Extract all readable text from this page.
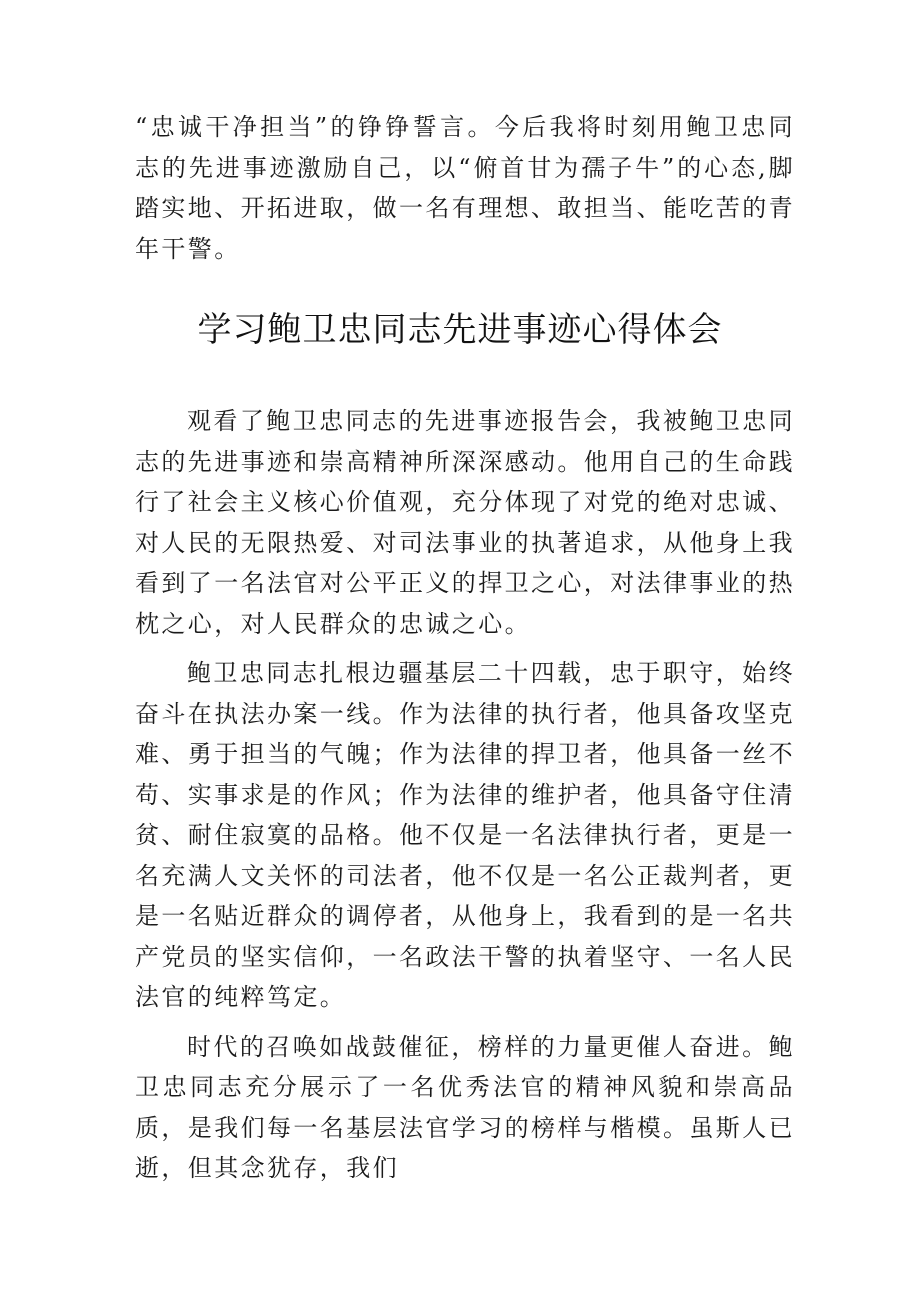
“忠诚干净担当”的铮铮誓言。今后我将时刻用鲍卫忠同志的先进事迹激励自己，以“俯首甘为孺子牛”的心态,脚踏实地、开拓进取，做一名有理想、敢担当、能吃苦的青年干警。

学习鲍卫忠同志先进事迹心得体会

观看了鲍卫忠同志的先进事迹报告会，我被鲍卫忠同志的先进事迹和崇高精神所深深感动。他用自己的生命践行了社会主义核心价值观，充分体现了对党的绝对忠诚、对人民的无限热爱、对司法事业的执著追求，从他身上我看到了一名法官对公平正义的捍卫之心，对法律事业的热枕之心，对人民群众的忠诚之心。

鲍卫忠同志扎根边疆基层二十四载，忠于职守，始终奋斗在执法办案一线。作为法律的执行者，他具备攻坚克难、勇于担当的气魄；作为法律的捍卫者，他具备一丝不苟、实事求是的作风；作为法律的维护者，他具备守住清贫、耐住寂寞的品格。他不仅是一名法律执行者，更是一名充满人文关怀的司法者，他不仅是一名公正裁判者，更是一名贴近群众的调停者，从他身上，我看到的是一名共产党员的坚实信仰，一名政法干警的执着坚守、一名人民法官的纯粹笃定。

时代的召唤如战鼓催征，榜样的力量更催人奋进。鲍卫忠同志充分展示了一名优秀法官的精神风貌和崇高品质，是我们每一名基层法官学习的榜样与楷模。虽斯人已逝，但其念犹存，我们
